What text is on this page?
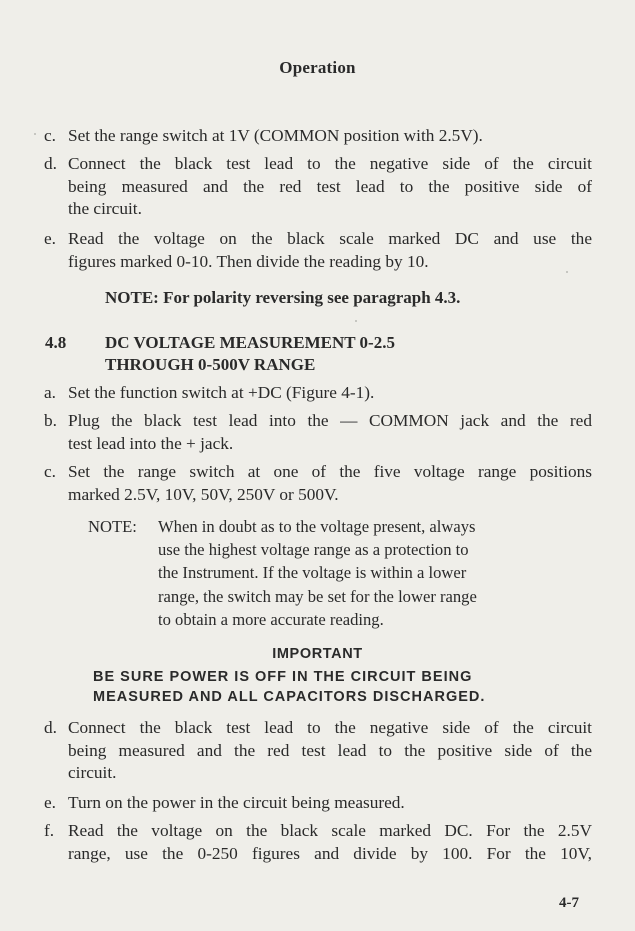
Operation
c. Set the range switch at 1V (COMMON position with 2.5V).
d. Connect the black test lead to the negative side of the circuit
being measured and the red test lead to the positive side of
the circuit.
e. Read the voltage on the black scale marked DC and use the
figures marked 0-10. Then divide the reading by 10.
NOTE: For polarity reversing see paragraph 4.3.
4.8 DC VOLTAGE MEASUREMENT 0-2.5
THROUGH 0-500V RANGE
a. Set the function switch at +DC (Figure 4-1).
b. Plug the black test lead into the — COMMON jack and the red
test lead into the + jack.
c. Set the range switch at one of the five voltage range positions
marked 2.5V, 10V, 50V, 250V or 500V.
NOTE: When in doubt as to the voltage present, always
use the highest voltage range as a protection to
the Instrument. If the voltage is within a lower
range, the switch may be set for the lower range
to obtain a more accurate reading.
IMPORTANT
BE SURE POWER IS OFF IN THE CIRCUIT BEING
MEASURED AND ALL CAPACITORS DISCHARGED.
d. Connect the black test lead to the negative side of the circuit
being measured and the red test lead to the positive side of the
circuit.
e. Turn on the power in the circuit being measured.
f. Read the voltage on the black scale marked DC. For the 2.5V
range, use the 0-250 figures and divide by 100. For the 10V,
4-7
